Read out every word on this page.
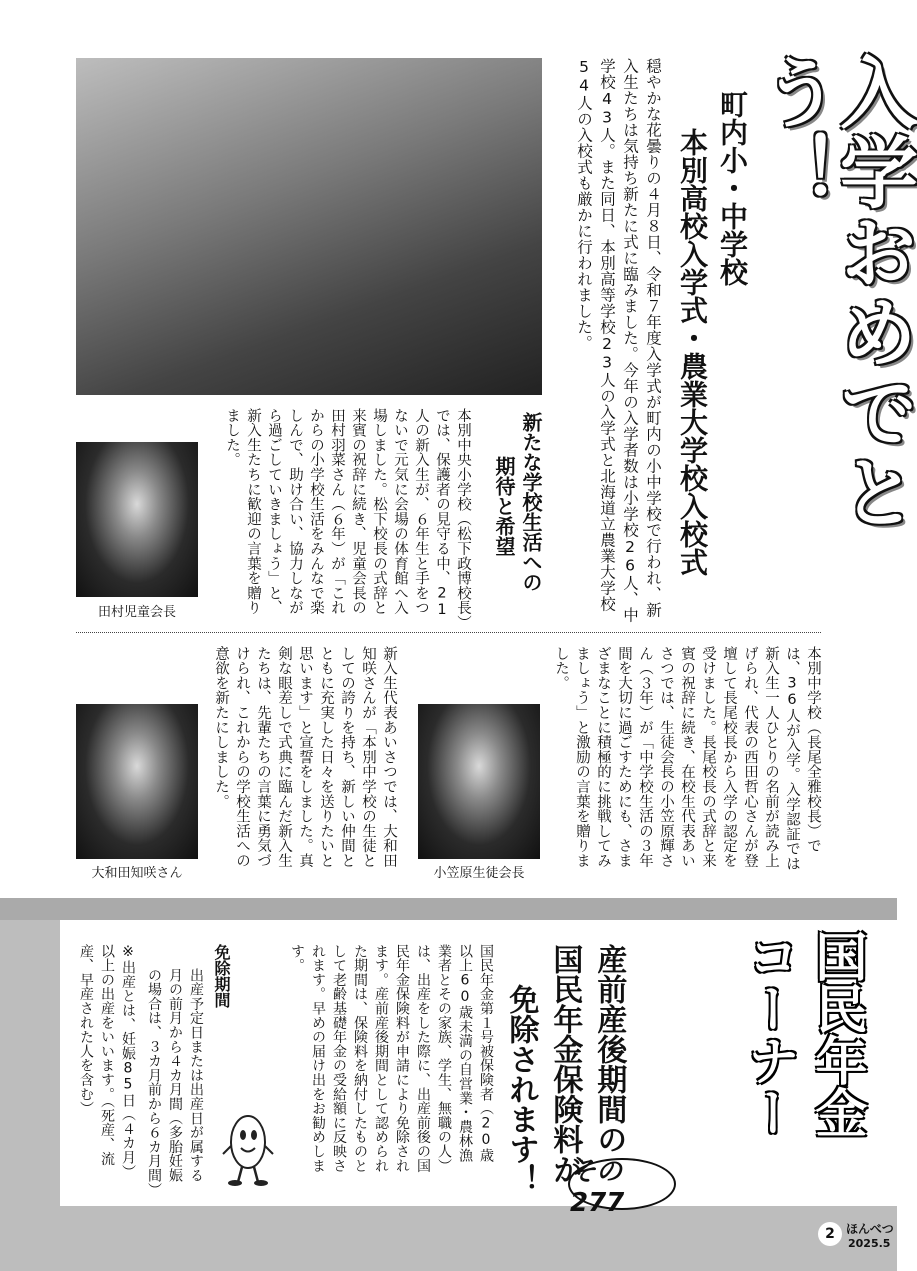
入学おめでとう！
町内小・中学校
本別高校入学式・農業大学校入校式
穏やかな花曇りの４月８日、令和７年度入学式が町内の小中学校で行われ、新入生たちは気持ち新たに式に臨みました。今年の入学者数は小学校26人、中学校43人。また同日、本別高等学校23人の入学式と北海道立農業大学校54人の入校式も厳かに行われました。
新たな学校生活への
期待と希望
本別中央小学校（松下政博校長）では、保護者の見守る中、21人の新入生が、６年生と手をつないで元気に会場の体育館へ入場しました。松下校長の式辞と来賓の祝辞に続き、児童会長の田村羽菜さん（６年）が「これからの小学校生活をみんなで楽しんで、助け合い、協力しながら過ごしていきましょう」と、新入生たちに歓迎の言葉を贈りました。
田村児童会長
本別中学校（長尾全雅校長）では、36人が入学。入学認証では新入生一人ひとりの名前が読み上げられ、代表の西田哲心さんが登壇して長尾校長から入学の認定を受けました。長尾校長の式辞と来賓の祝辞に続き、在校生代表あいさつでは、生徒会長の小笠原輝さん（３年）が「中学校生活の３年間を大切に過ごすためにも、さまざまなことに積極的に挑戦してみましょう」と激励の言葉を贈りました。
小笠原生徒会長
新入生代表あいさつでは、大和田知咲さんが「本別中学校の生徒としての誇りを持ち、新しい仲間とともに充実した日々を送りたいと思います」と宣誓をしました。真剣な眼差しで式典に臨んだ新入生たちは、先輩たちの言葉に勇気づけられ、これからの学校生活への意欲を新たにしました。
大和田知咲さん
国民年金コーナー
その277
産前産後期間の
国民年金保険料が
免除されます！
国民年金第１号被保険者（20歳以上60歳未満の自営業・農林漁業者とその家族、学生、無職の人）は、出産をした際に、出産前後の国民年金保険料が申請により免除されます。産前産後期間として認められた期間は、保険料を納付したものとして老齢基礎年金の受給額に反映されます。早めの届け出をお勧めします。
免除期間
出産予定日または出産日が属する月の前月から４カ月間（多胎妊娠の場合は、３カ月前から６カ月間）
※出産とは、妊娠85日（４カ月）以上の出産をいいます。（死産、流産、早産された人を含む）
2 ほんべつ
2025.5
